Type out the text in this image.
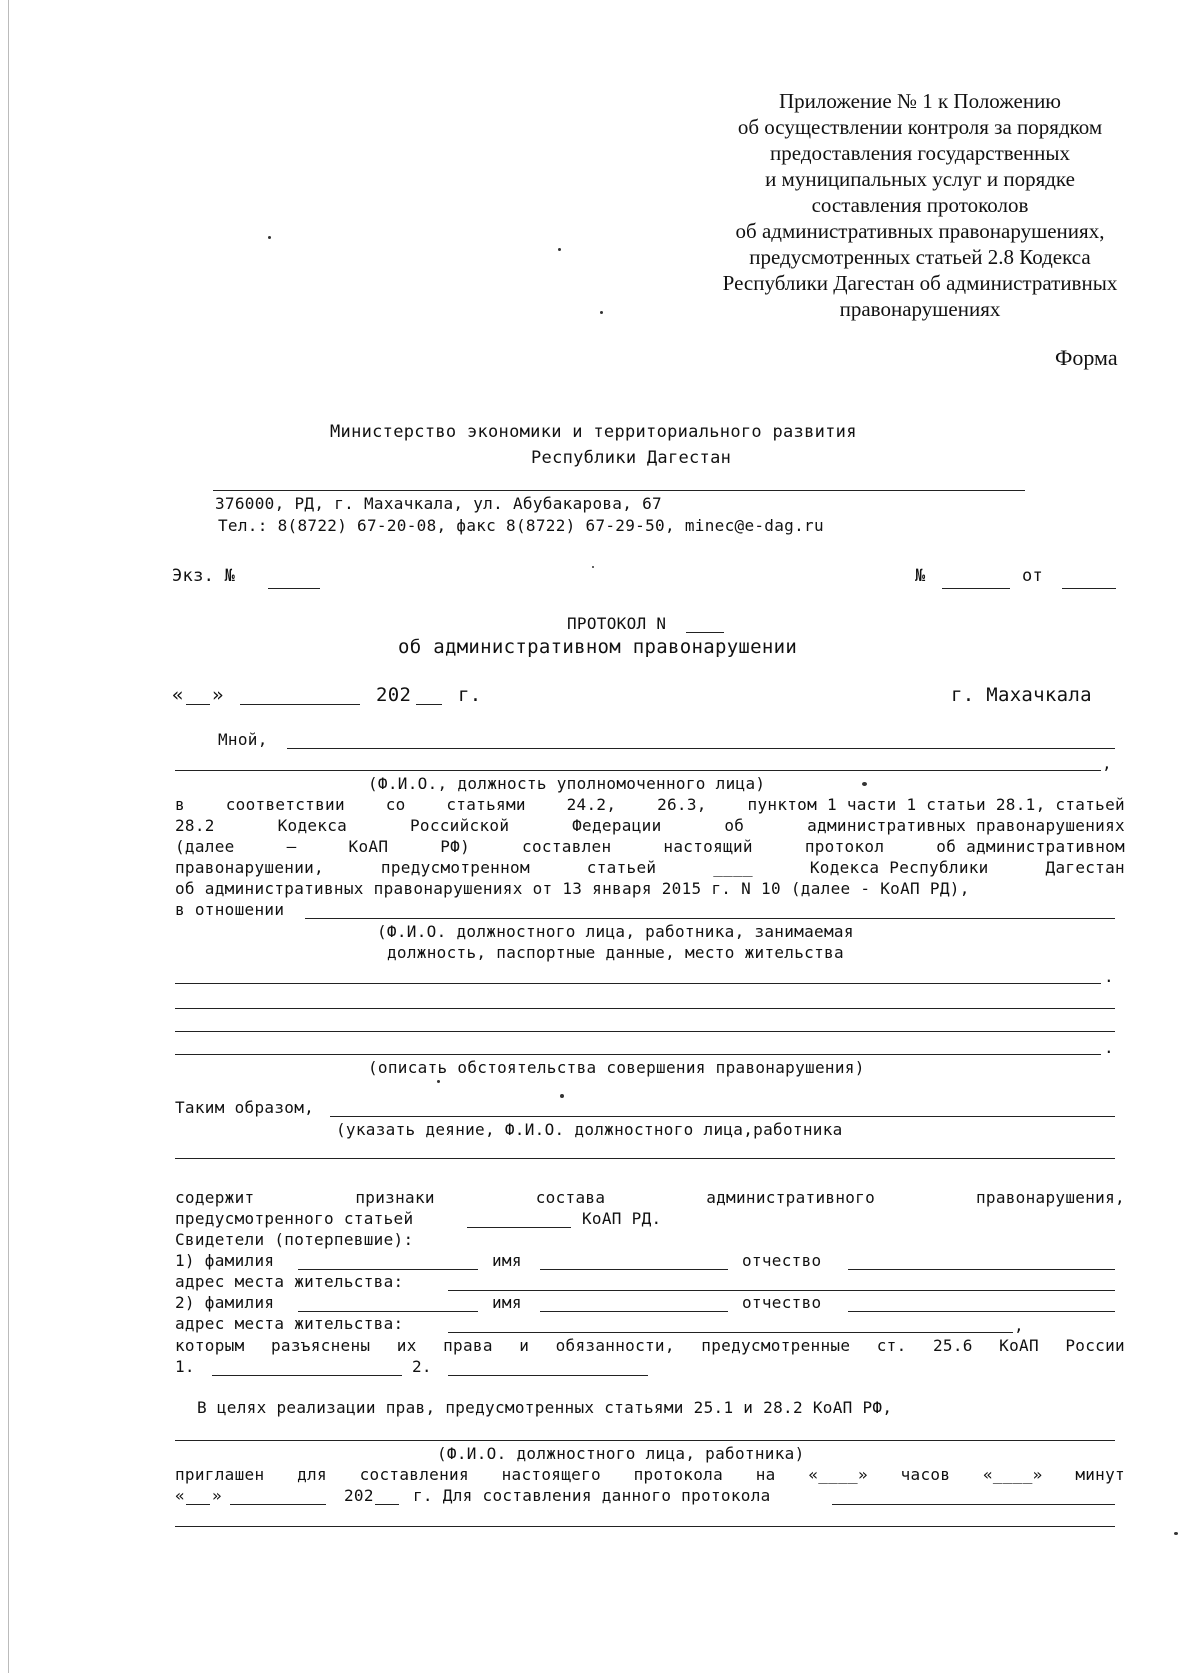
Приложение № 1 к Положению
об осуществлении контроля за порядком
предоставления государственных
и муниципальных услуг и порядке
составления протоколов
об административных правонарушениях,
предусмотренных статьей 2.8 Кодекса
Республики Дагестан об административных
правонарушениях
Форма
Министерство экономики и территориального развития
Республики Дагестан
376000, РД, г. Махачкала, ул. Абубакарова, 67
Тел.: 8(8722) 67-20-08, факс 8(8722) 67-29-50, minec@e-dag.ru
Экз. №	№	от
ПРОТОКОЛ N
об административном правонарушении
« »	202 г.	г. Махачкала
Мной,
,
(Ф.И.О., должность уполномоченного лица)
в	соответствии	со	статьями	24.2,	26.3,	пунктом 1 части 1 статьи 28.1, статьей
28.2	Кодекса	Российской	Федерации	об	административных правонарушениях
(далее	–	КоАП	РФ)	составлен	настоящий	протокол	об административном
правонарушении,	предусмотренном	статьей	____	Кодекса Республики	Дагестан
об административных правонарушениях от 13 января 2015 г. N 10 (далее - КоАП РД),
в отношении
(Ф.И.О. должностного лица, работника, занимаемая
должность, паспортные данные, место жительства
.
.
(описать обстоятельства совершения правонарушения)
Таким образом,
(указать деяние, Ф.И.О. должностного лица,работника
содержит	признаки	состава	административного	правонарушения,
предусмотренного статьей	КоАП РД.
Свидетели (потерпевшие):
1) фамилия	имя	отчество
адрес места жительства:
2) фамилия	имя	отчество
адрес места жительства:	,
которым разъяснены их права и обязанности, предусмотренные ст. 25.6 КоАП России
1.	2.
В целях реализации прав, предусмотренных статьями 25.1 и 28.2 КоАП РФ,
(Ф.И.О. должностного лица, работника)
приглашен для составления настоящего протокола на «____» часов «____» минут
« »	202 г. Для составления данного протокола
